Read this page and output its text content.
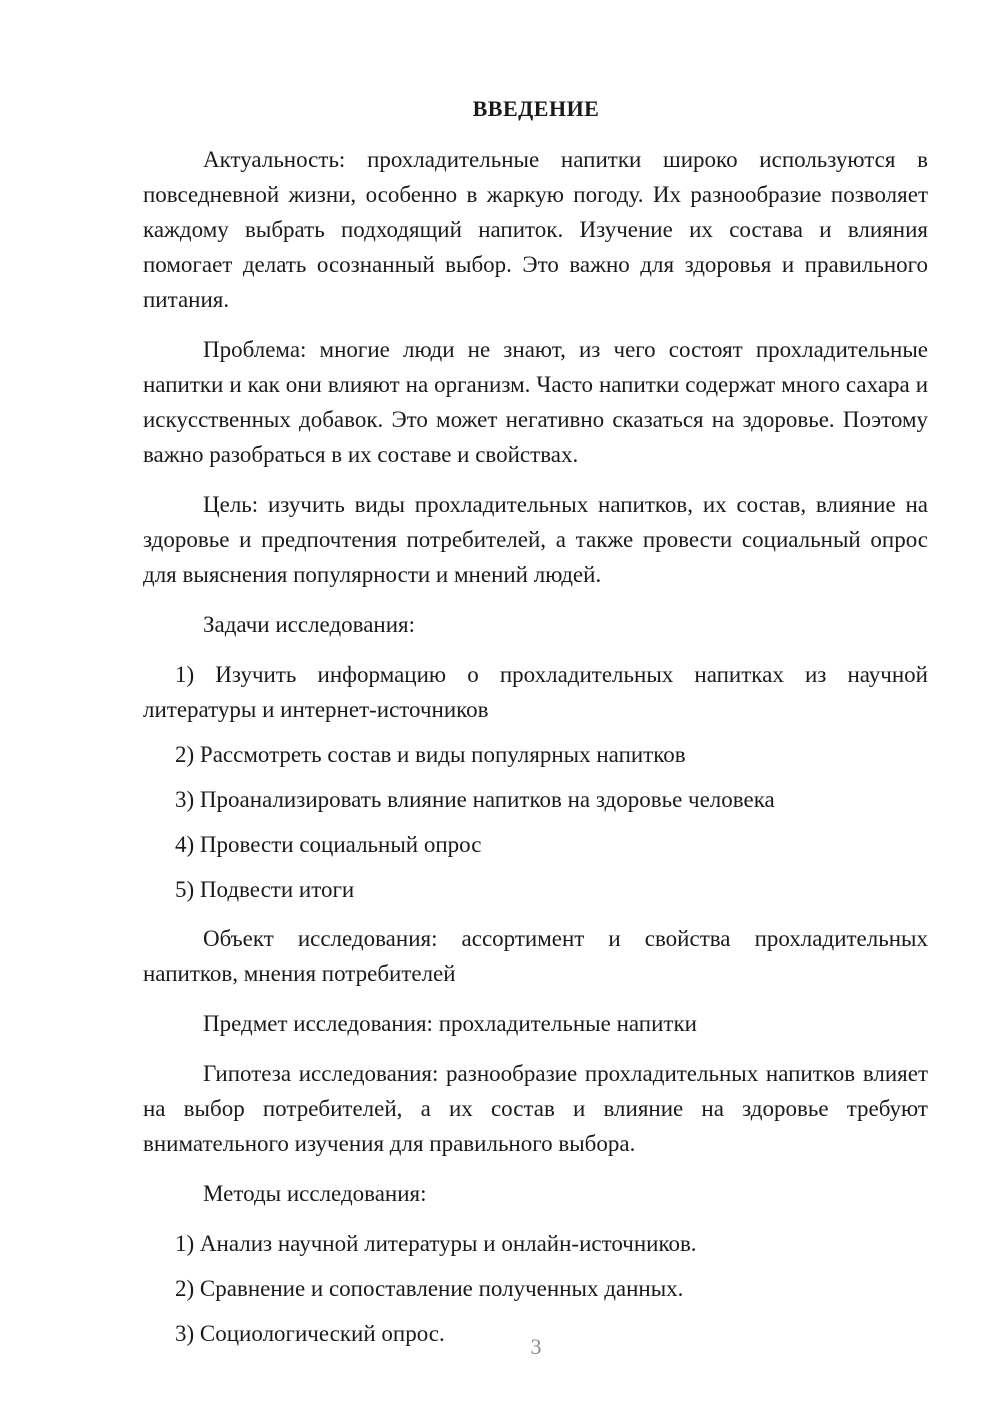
ВВЕДЕНИЕ

Актуальность: прохладительные напитки широко используются в повседневной жизни, особенно в жаркую погоду. Их разнообразие позволяет каждому выбрать подходящий напиток. Изучение их состава и влияния помогает делать осознанный выбор. Это важно для здоровья и правильного питания.

Проблема: многие люди не знают, из чего состоят прохладительные напитки и как они влияют на организм. Часто напитки содержат много сахара и искусственных добавок. Это может негативно сказаться на здоровье. Поэтому важно разобраться в их составе и свойствах.

Цель: изучить виды прохладительных напитков, их состав, влияние на здоровье и предпочтения потребителей, а также провести социальный опрос для выяснения популярности и мнений людей.

Задачи исследования:

1) Изучить информацию о прохладительных напитках из научной литературы и интернет-источников

2) Рассмотреть состав и виды популярных напитков

3) Проанализировать влияние напитков на здоровье человека

4) Провести социальный опрос

5) Подвести итоги

Объект исследования: ассортимент и свойства прохладительных напитков, мнения потребителей

Предмет исследования: прохладительные напитки

Гипотеза исследования: разнообразие прохладительных напитков влияет на выбор потребителей, а их состав и влияние на здоровье требуют внимательного изучения для правильного выбора.

Методы исследования:

1) Анализ научной литературы и онлайн-источников.

2) Сравнение и сопоставление полученных данных.

3) Социологический опрос.

3
